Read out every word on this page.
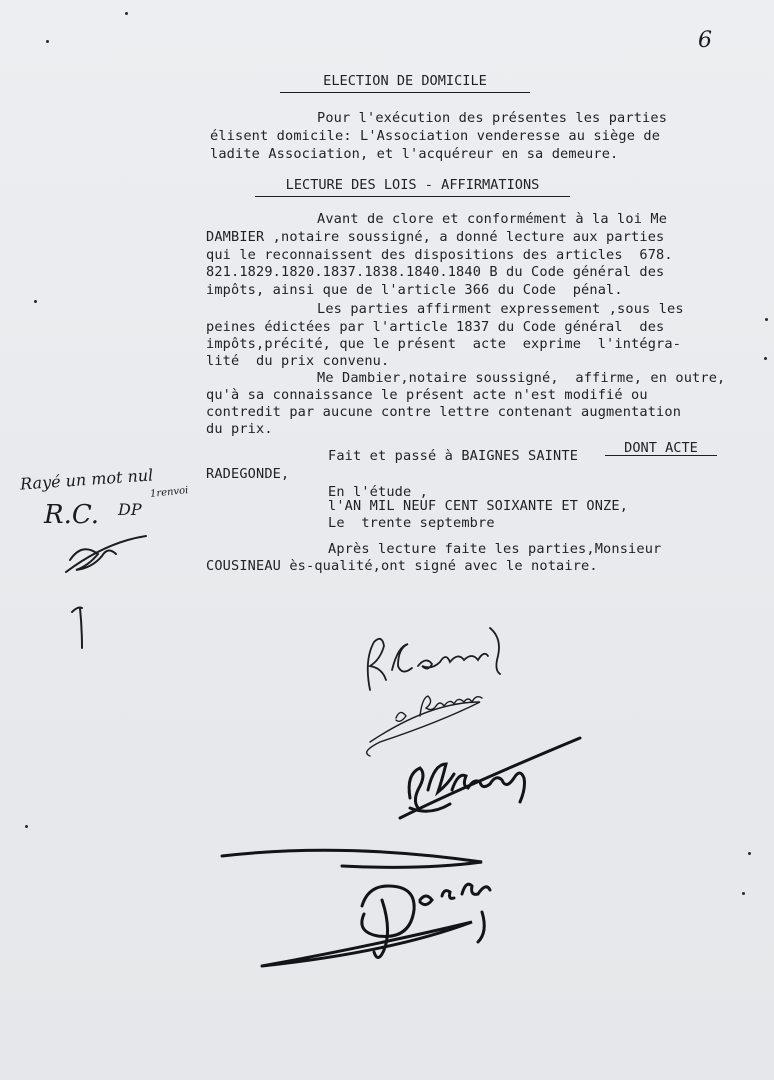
6
ELECTION DE DOMICILE
Pour l'exécution des présentes les parties
élisent domicile: L'Association venderesse au siège de
ladite Association, et l'acquéreur en sa demeure.
LECTURE DES LOIS - AFFIRMATIONS
Avant de clore et conformément à la loi Me
DAMBIER ,notaire soussigné, a donné lecture aux parties
qui le reconnaissent des dispositions des articles  678.
821.1829.1820.1837.1838.1840.1840 B du Code général des
impôts, ainsi que de l'article 366 du Code  pénal.
Les parties affirment expressement ,sous les
peines édictées par l'article 1837 du Code général  des
impôts,précité, que le présent  acte  exprime  l'intégra-
lité  du prix convenu.
Me Dambier,notaire soussigné,  affirme, en outre,
qu'à sa connaissance le présent acte n'est modifié ou
contredit par aucune contre lettre contenant augmentation
du prix.
DONT ACTE
Fait et passé à BAIGNES SAINTE
RADEGONDE,
En l'étude ,
l'AN MIL NEUF CENT SOIXANTE ET ONZE,
Le  trente septembre
Après lecture faite les parties,Monsieur
COUSINEAU ès-qualité,ont signé avec le notaire.
Rayé un mot nul
R.C. DP
1renvoi
